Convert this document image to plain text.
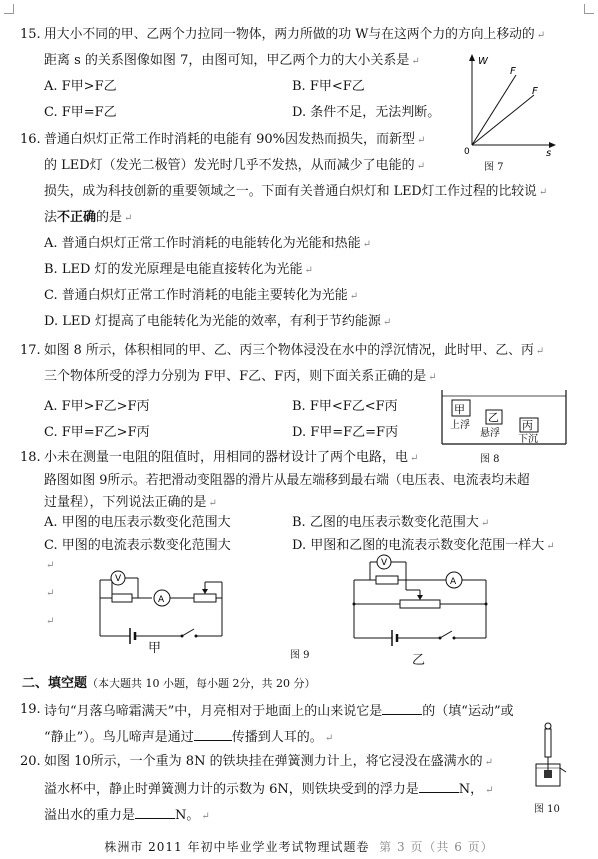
15. 用大小不同的甲、乙两个力拉同一物体，两力所做的功 W与在这两个力的方向上移动的 ↵
距离 s 的关系图像如图 7，由图可知，甲乙两个力的大小关系是 ↵
A. F甲>F乙	B. F甲<F乙
C. F甲=F乙	D. 条件不足，无法判断。
W
s
0
F
F
图 7
16. 普通白炽灯正常工作时消耗的电能有 90%因发热而损失，而新型 ↵
的 LED灯（发光二极管）发光时几乎不发热，从而减少了电能的 ↵
损失，成为科技创新的重要领域之一。下面有关普通白炽灯和 LED灯工作过程的比较说 ↵
法不正确的是 ↵
A. 普通白炽灯正常工作时消耗的电能转化为光能和热能 ↵
B. LED 灯的发光原理是电能直接转化为光能 ↵
C. 普通白炽灯正常工作时消耗的电能主要转化为光能 ↵
D. LED 灯提高了电能转化为光能的效率，有利于节约能源 ↵
17. 如图 8 所示，体积相同的甲、乙、丙三个物体浸没在水中的浮沉情况，此时甲、乙、丙 ↵
三个物体所受的浮力分别为 F甲、F乙、F丙，则下面关系正确的是 ↵
A. F甲>F乙>F丙	B. F甲<F乙<F丙
C. F甲=F乙>F丙	D. F甲=F乙=F丙
甲
上浮
乙
悬浮
丙
下沉
图 8
18. 小未在测量一电阻的阻值时，用相同的器材设计了两个电路，电 ↵
路图如图 9所示。若把滑动变阻器的滑片从最左端移到最右端（电压表、电流表均未超
过量程），下列说法正确的是 ↵
A. 甲图的电压表示数变化范围大	B. 乙图的电压表示数变化范围大 ↵
C. 甲图的电流表示数变化范围大	D. 甲图和乙图的电流表示数变化范围一样大 ↵
↵
↵
↵
A
V
甲
V
A
图 9	乙
二、填空题（本大题共 10 小题，每小题 2分，共 20 分）
19. 诗句“月落乌啼霜满天”中，月亮相对于地面上的山来说它是	的（填“运动”或
“静止”）。鸟儿啼声是通过	传播到人耳的。 ↵
20. 如图 10所示，一个重为 8N 的铁块挂在弹簧测力计上，将它浸没在盛满水的 ↵
溢水杯中，静止时弹簧测力计的示数为 6N，则铁块受到的浮力是	N， ↵
溢出水的重力是	N。 ↵
图 10
株洲市 2011 年初中毕业学业考试物理试题卷 第 3 页（共 6 页）
